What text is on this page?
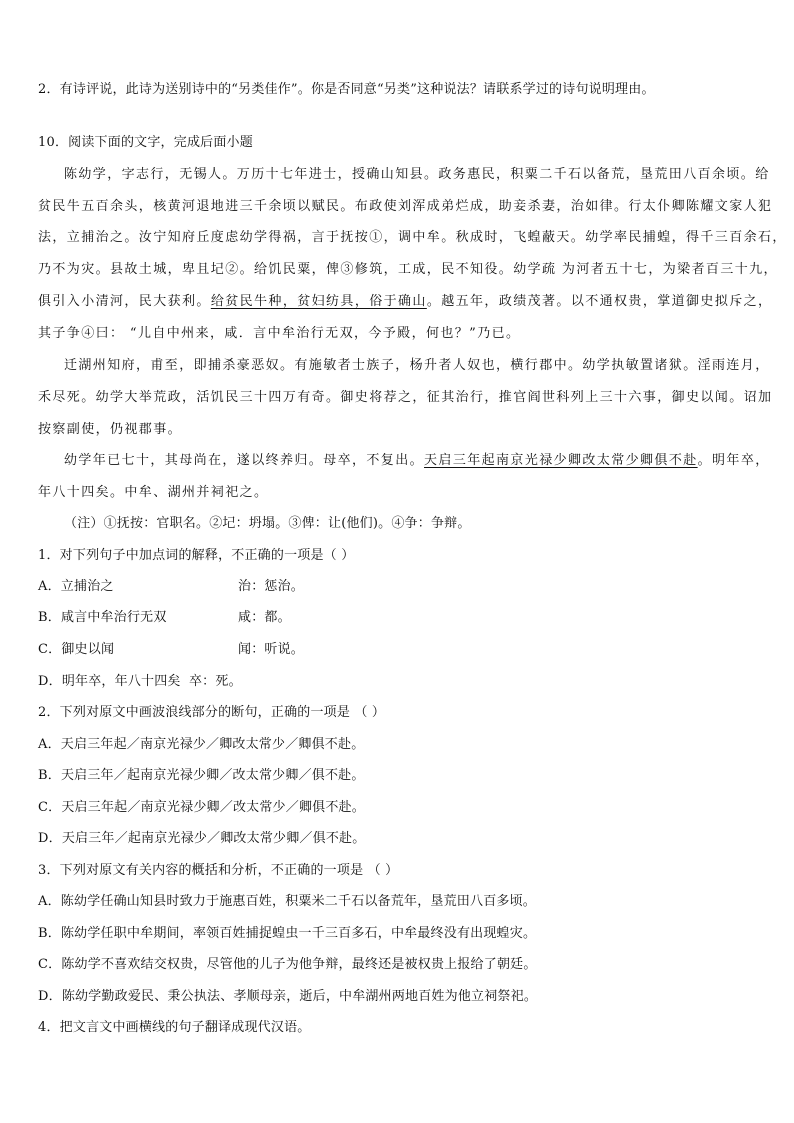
2．有诗评说，此诗为送别诗中的“另类佳作”。你是否同意“另类”这种说法？请联系学过的诗句说明理由。
10．阅读下面的文字，完成后面小题
陈幼学，字志行，无锡人。万历十七年进士，授确山知县。政务惠民，积粟二千石以备荒，垦荒田八百余顷。给
贫民牛五百余头，核黄河退地进三千余顷以赋民。布政使刘浑成弟烂成，助妾杀妻，治如律。行太仆卿陈耀文家人犯
法，立捕治之。汝宁知府丘度虑幼学得祸，言于抚按①，调中牟。秋成时，飞蝗蔽天。幼学率民捕蝗，得千三百余石，
乃不为灾。县故土城，卑且圮②。给饥民粟，俾③修筑，工成，民不知役。幼学疏 为河者五十七，为梁者百三十九，
俱引入小清河，民大获利。给贫民牛种，贫妇纺具，俗于确山。越五年，政绩茂著。以不通权贵，掌道御史拟斥之，
其子争④曰： “儿自中州来，咸．言中牟治行无双，今予殿，何也？”乃已。
迁湖州知府，甫至，即捕杀豪恶奴。有施敏者士族子，杨升者人奴也，横行郡中。幼学执敏置诸狱。淫雨连月，
禾尽死。幼学大举荒政，活饥民三十四万有奇。御史将荐之，征其治行，推官阎世科列上三十六事，御史以闻。诏加
按察副使，仍视郡事。
幼学年已七十，其母尚在，遂以终养归。母卒，不复出。天启三年起南京光禄少卿改太常少卿俱不赴。明年卒，
年八十四矣。中牟、湖州并祠祀之。
（注）①抚按：官职名。②圮：坍塌。③俾：让(他们)。④争：争辩。
1．对下列句子中加点词的解释，不正确的一项是（ ）
A．立捕治之	治：惩治。
B．咸言中牟治行无双	咸：都。
C．御史以闻	闻：听说。
D．明年卒，年八十四矣 卒：死。
2．下列对原文中画波浪线部分的断句，正确的一项是 （ ）
A．天启三年起／南京光禄少／卿改太常少／卿俱不赴。
B．天启三年／起南京光禄少卿／改太常少卿／俱不赴。
C．天启三年起／南京光禄少卿／改太常少／卿俱不赴。
D．天启三年／起南京光禄少／卿改太常少卿／俱不赴。
3．下列对原文有关内容的概括和分析，不正确的一项是 （ ）
A．陈幼学任确山知县时致力于施惠百姓，积粟米二千石以备荒年，垦荒田八百多顷。
B．陈幼学任职中牟期间，率领百姓捕捉蝗虫一千三百多石，中牟最终没有出现蝗灾。
C．陈幼学不喜欢结交权贵，尽管他的儿子为他争辩，最终还是被权贵上报给了朝廷。
D．陈幼学勤政爱民、秉公执法、孝顺母亲，逝后，中牟湖州两地百姓为他立祠祭祀。
4．把文言文中画横线的句子翻译成现代汉语。
